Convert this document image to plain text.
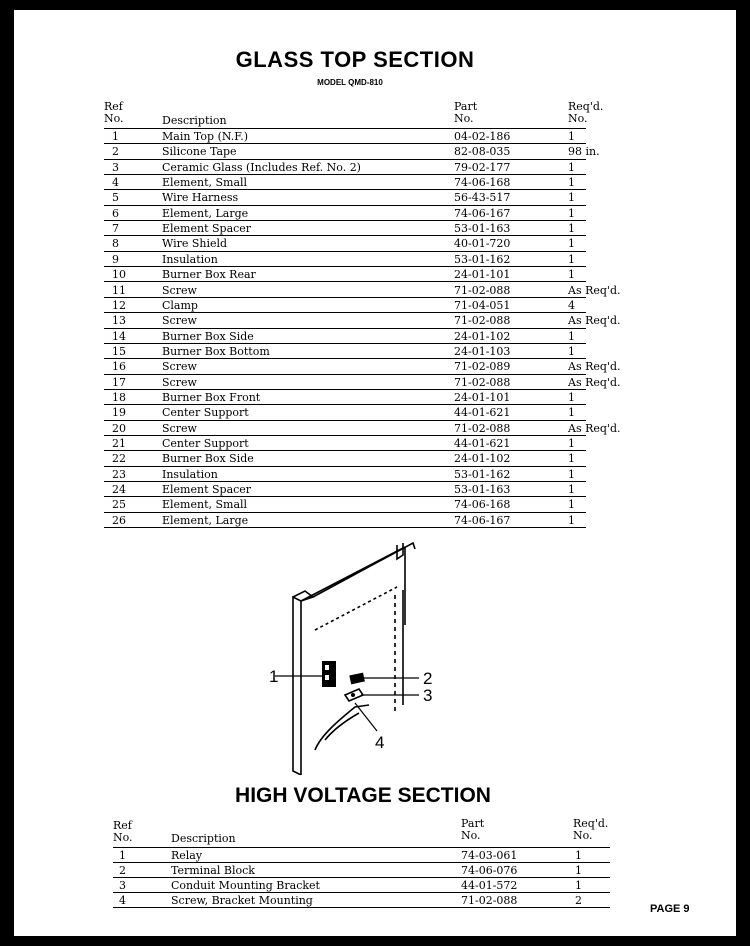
GLASS TOP SECTION
MODEL QMD-810
Ref
No.	Description
Part
No.
Req'd.
No.
1	Main Top (N.F.)	04-02-186	1
2	Silicone Tape	82-08-035	98 in.
3	Ceramic Glass (Includes Ref. No. 2)	79-02-177	1
4	Element, Small	74-06-168	1
5	Wire Harness	56-43-517	1
6	Element, Large	74-06-167	1
7	Element Spacer	53-01-163	1
8	Wire Shield	40-01-720	1
9	Insulation	53-01-162	1
10	Burner Box Rear	24-01-101	1
11	Screw	71-02-088	As Req'd.
12	Clamp	71-04-051	4
13	Screw	71-02-088	As Req'd.
14	Burner Box Side	24-01-102	1
15	Burner Box Bottom	24-01-103	1
16	Screw	71-02-089	As Req'd.
17	Screw	71-02-088	As Req'd.
18	Burner Box Front	24-01-101	1
19	Center Support	44-01-621	1
20	Screw	71-02-088	As Req'd.
21	Center Support	44-01-621	1
22	Burner Box Side	24-01-102	1
23	Insulation	53-01-162	1
24	Element Spacer	53-01-163	1
25	Element, Small	74-06-168	1
26	Element, Large	74-06-167	1
1	2
3
4
HIGH VOLTAGE SECTION
Ref
No.	Description
Part
No.
Req'd.
No.
1	Relay	74-03-061	1
2	Terminal Block	74-06-076	1
3	Conduit Mounting Bracket	44-01-572	1
4	Screw, Bracket Mounting	71-02-088	2
PAGE 9
